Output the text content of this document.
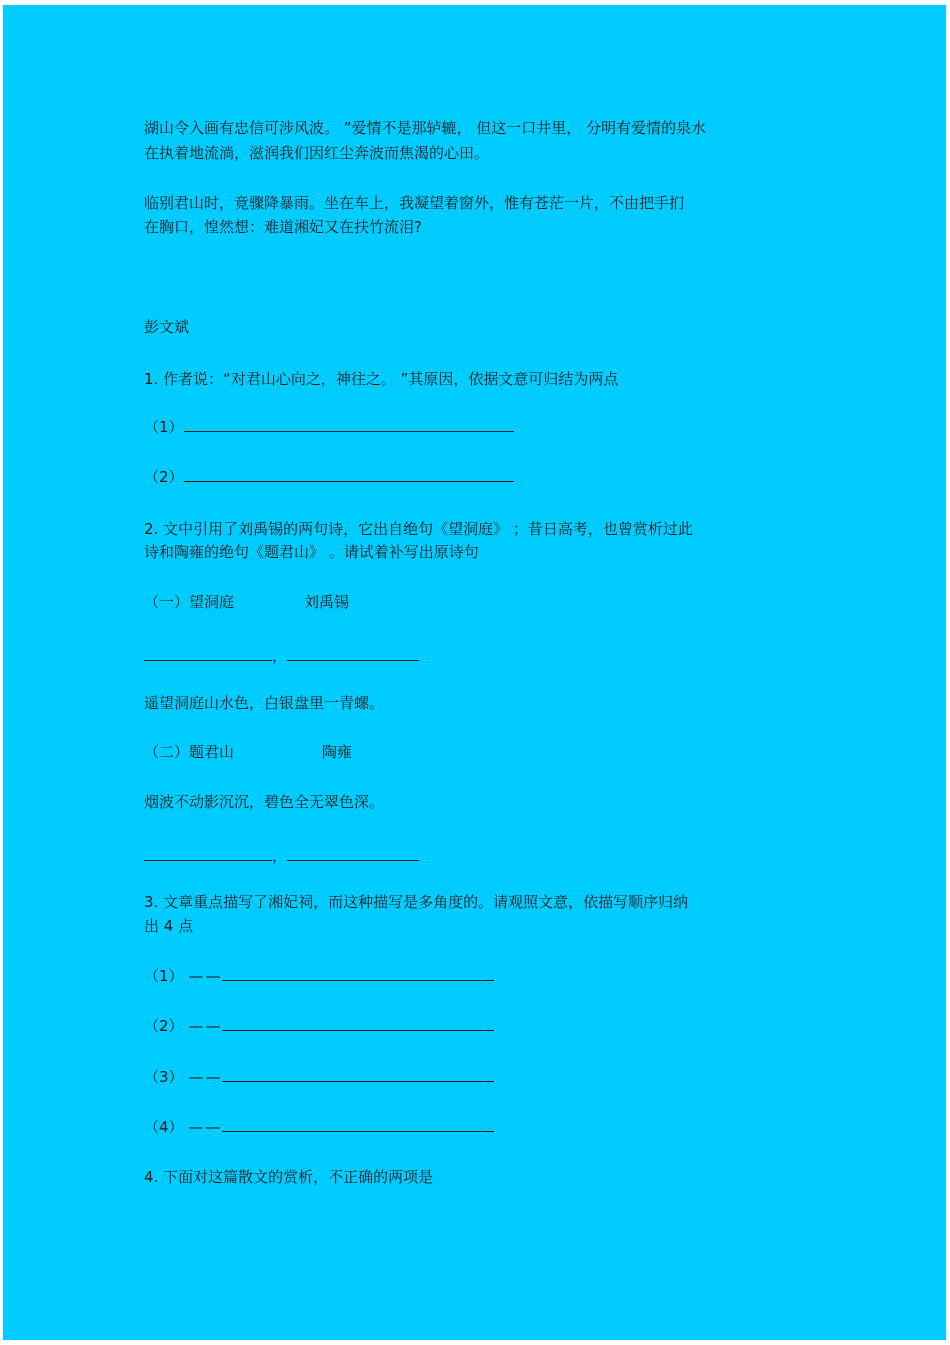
湖山令入画有忠信可涉风波。 ”爱情不是那轳辘， 但这一口井里， 分明有爱情的泉水
在执着地流淌，滋润我们因红尘奔波而焦渴的心田。
临别君山时，竟骤降暴雨。坐在车上，我凝望着窗外，惟有苍茫一片，不由把手扪
在胸口，惶然想：难道湘妃又在扶竹流泪?
彭文斌
1. 作者说：“对君山心向之，神往之。 ”其原因，依据文意可归结为两点
（1）
（2）
2. 文中引用了刘禹锡的两句诗，它出自绝句《望洞庭》 ；昔日高考，也曾赏析过此
诗和陶雍的绝句《题君山》 。请试着补写出原诗句
（一）望洞庭	刘禹锡
，
遥望洞庭山水色，白银盘里一青螺。
（二）题君山	陶雍
烟波不动影沉沉，碧色全无翠色深。
，
3. 文章重点描写了湘妃祠，而这种描写是多角度的。请观照文意，依描写顺序归纳
出 4 点
（1） ——
（2） ——
（3） ——
（4） ——
4. 下面对这篇散文的赏析，不正确的两项是
